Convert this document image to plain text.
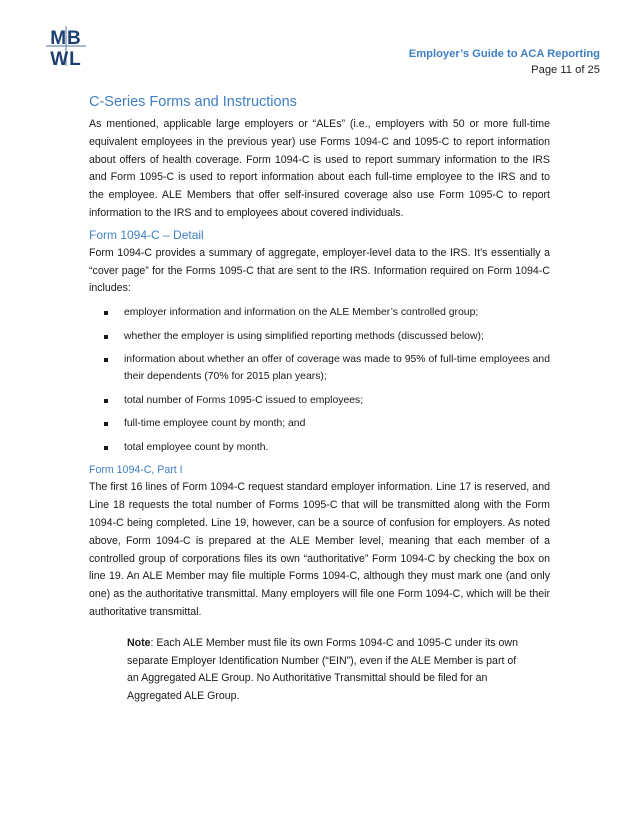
MB
WL	Employer’s Guide to ACA Reporting
Page 11 of 25
C-Series Forms and Instructions

As mentioned, applicable large employers or “ALEs” (i.e., employers with 50 or more full-time equivalent employees in the previous year) use Forms 1094-C and 1095-C to report information about offers of health coverage. Form 1094-C is used to report summary information to the IRS and Form 1095-C is used to report information about each full-time employee to the IRS and to the employee. ALE Members that offer self-insured coverage also use Form 1095-C to report information to the IRS and to employees about covered individuals.

Form 1094-C – Detail

Form 1094-C provides a summary of aggregate, employer-level data to the IRS. It’s essentially a “cover page” for the Forms 1095-C that are sent to the IRS. Information required on Form 1094-C includes:

employer information and information on the ALE Member’s controlled group;
whether the employer is using simplified reporting methods (discussed below);
information about whether an offer of coverage was made to 95% of full-time employees and their dependents (70% for 2015 plan years);
total number of Forms 1095-C issued to employees;
full-time employee count by month; and
total employee count by month.
Form 1094-C, Part I

The first 16 lines of Form 1094-C request standard employer information. Line 17 is reserved, and Line 18 requests the total number of Forms 1095-C that will be transmitted along with the Form 1094-C being completed. Line 19, however, can be a source of confusion for employers. As noted above, Form 1094-C is prepared at the ALE Member level, meaning that each member of a controlled group of corporations files its own “authoritative” Form 1094-C by checking the box on line 19. An ALE Member may file multiple Forms 1094-C, although they must mark one (and only one) as the authoritative transmittal. Many employers will file one Form 1094-C, which will be their authoritative transmittal.

Note: Each ALE Member must file its own Forms 1094-C and 1095-C under its own separate Employer Identification Number (“EIN”), even if the ALE Member is part of an Aggregated ALE Group. No Authoritative Transmittal should be filed for an Aggregated ALE Group.
